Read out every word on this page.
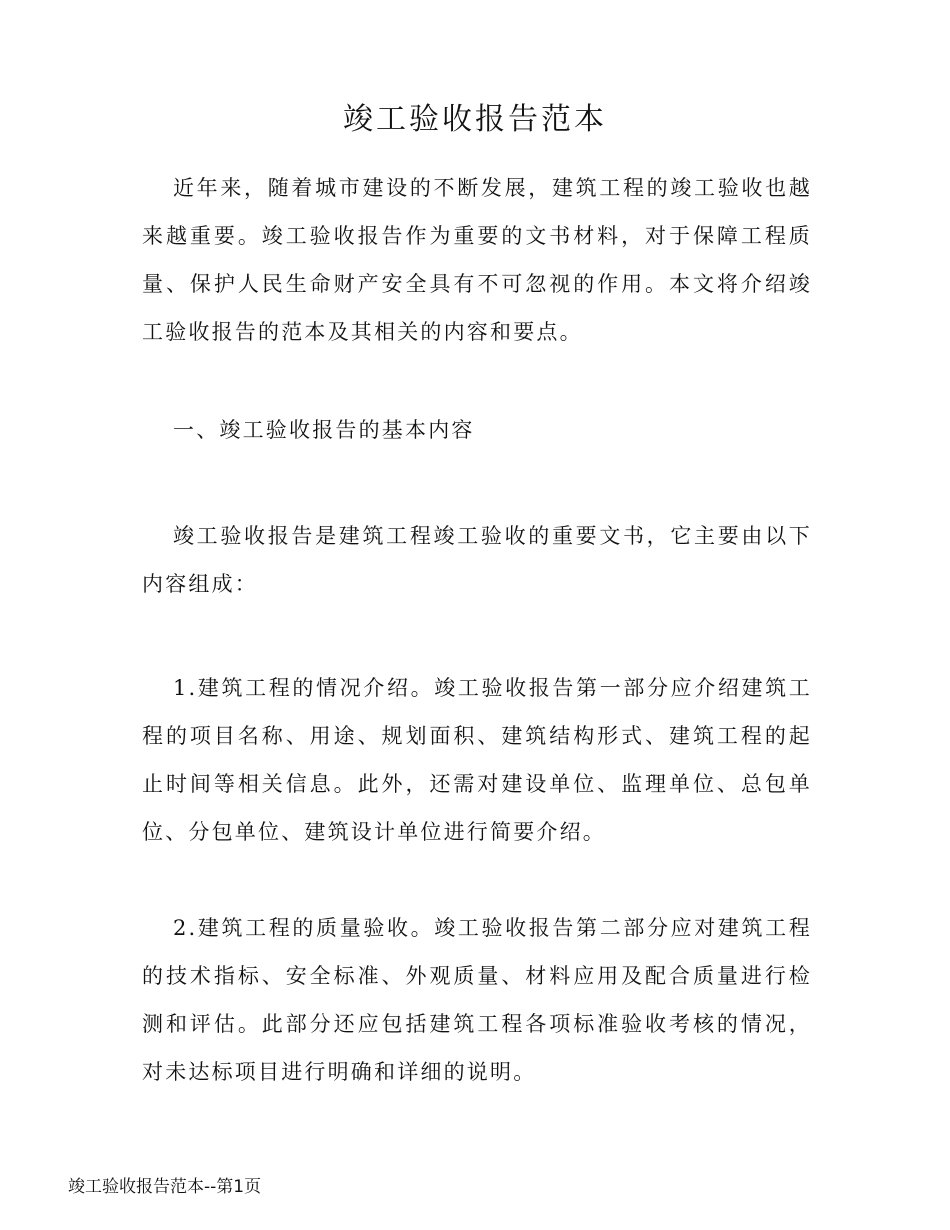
竣工验收报告范本

近年来，随着城市建设的不断发展，建筑工程的竣工验收也越来越重要。竣工验收报告作为重要的文书材料，对于保障工程质量、保护人民生命财产安全具有不可忽视的作用。本文将介绍竣工验收报告的范本及其相关的内容和要点。

一、竣工验收报告的基本内容

竣工验收报告是建筑工程竣工验收的重要文书，它主要由以下内容组成：

1.建筑工程的情况介绍。竣工验收报告第一部分应介绍建筑工程的项目名称、用途、规划面积、建筑结构形式、建筑工程的起止时间等相关信息。此外，还需对建设单位、监理单位、总包单位、分包单位、建筑设计单位进行简要介绍。

2.建筑工程的质量验收。竣工验收报告第二部分应对建筑工程的技术指标、安全标准、外观质量、材料应用及配合质量进行检测和评估。此部分还应包括建筑工程各项标准验收考核的情况，对未达标项目进行明确和详细的说明。

竣工验收报告范本--第1页
